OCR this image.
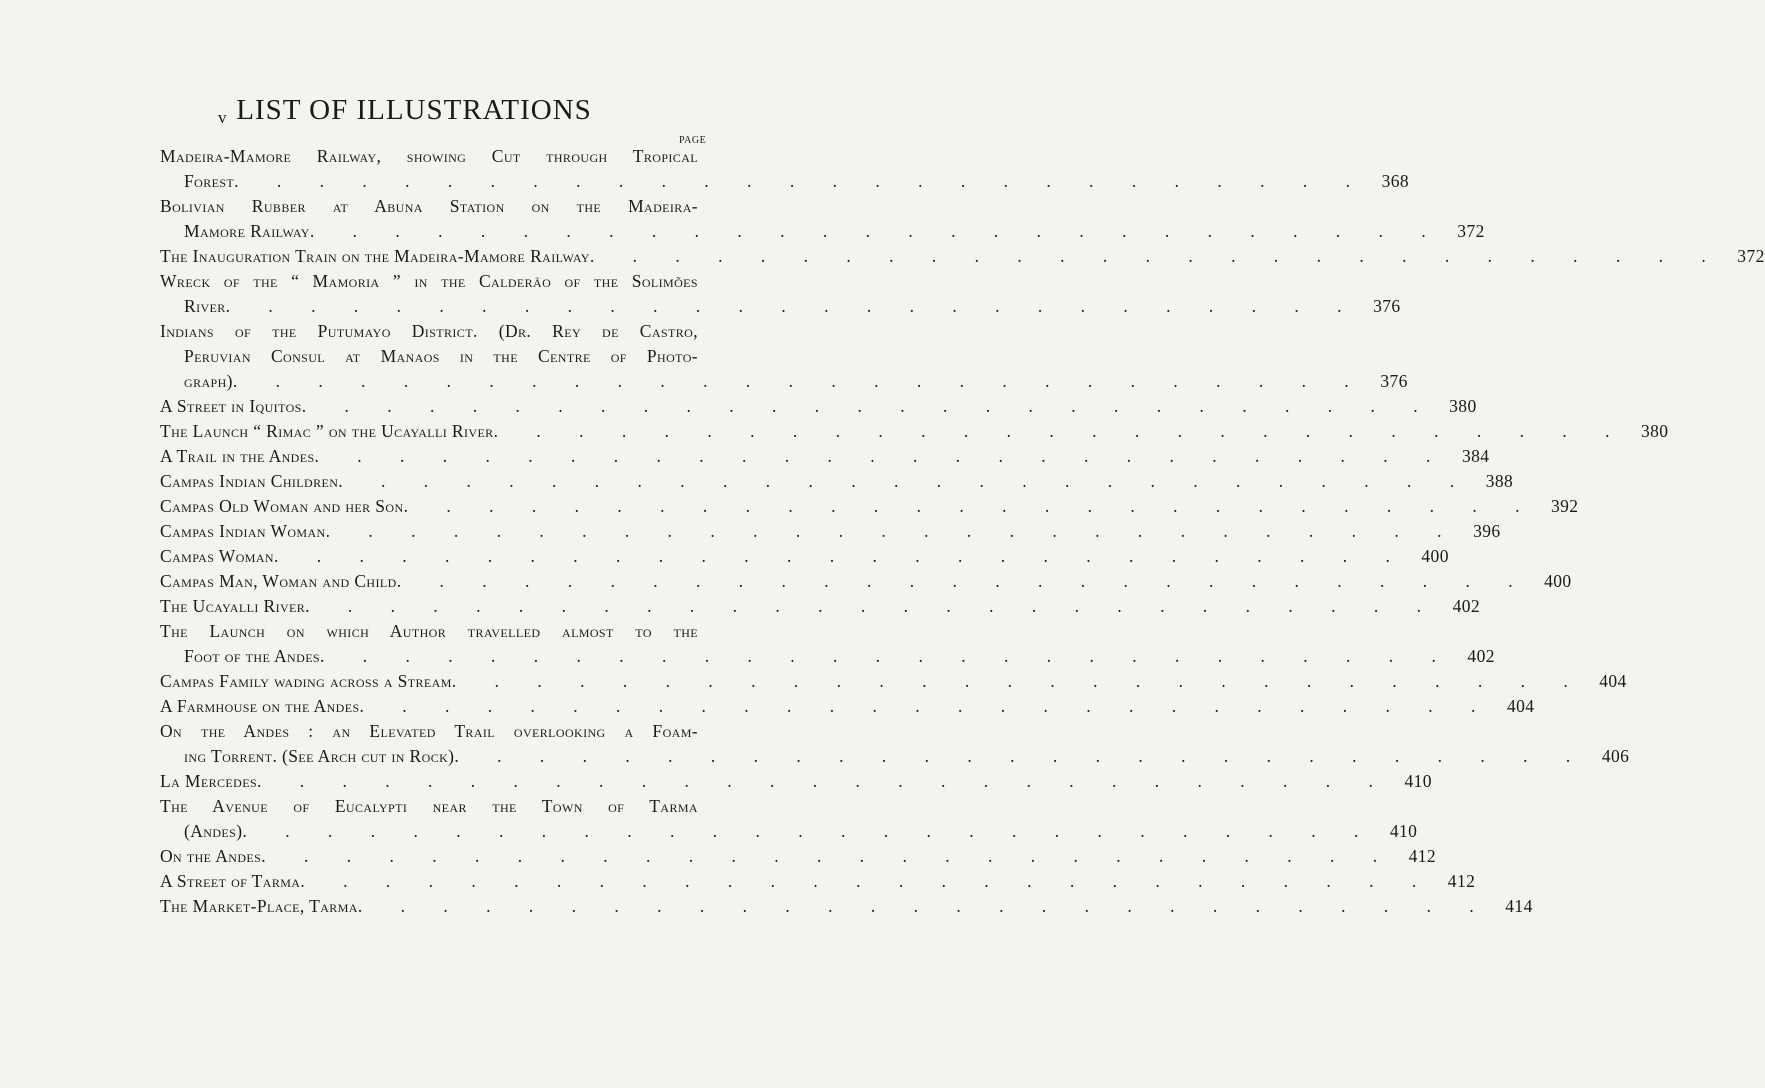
v LIST OF ILLUSTRATIONS
PAGE
Madeira-Mamore Railway, showing Cut through Tropical
Forest . . . . . . . . . . . . . . . . . . . . . . . . . . . 368
Bolivian Rubber at Abuna Station on the Madeira-
Mamore Railway . . . . . . . . . . . . . . . . . . . . . . . . . . . 372
The Inauguration Train on the Madeira-Mamore Railway . . . . . . . . . . . . . . . . . . . . . . . . . . . 372
Wreck of the “ Mamoria ” in the Calderão of the Solimões
River . . . . . . . . . . . . . . . . . . . . . . . . . . . 376
Indians of the Putumayo District. (Dr. Rey de Castro,
Peruvian Consul at Manaos in the Centre of Photo-
graph) . . . . . . . . . . . . . . . . . . . . . . . . . . . 376
A Street in Iquitos . . . . . . . . . . . . . . . . . . . . . . . . . . . 380
The Launch “ Rimac ” on the Ucayalli River . . . . . . . . . . . . . . . . . . . . . . . . . . . 380
A Trail in the Andes . . . . . . . . . . . . . . . . . . . . . . . . . . . 384
Campas Indian Children . . . . . . . . . . . . . . . . . . . . . . . . . . . 388
Campas Old Woman and her Son . . . . . . . . . . . . . . . . . . . . . . . . . . . 392
Campas Indian Woman . . . . . . . . . . . . . . . . . . . . . . . . . . . 396
Campas Woman . . . . . . . . . . . . . . . . . . . . . . . . . . . 400
Campas Man, Woman and Child . . . . . . . . . . . . . . . . . . . . . . . . . . . 400
The Ucayalli River . . . . . . . . . . . . . . . . . . . . . . . . . . . 402
The Launch on which Author travelled almost to the
Foot of the Andes . . . . . . . . . . . . . . . . . . . . . . . . . . . 402
Campas Family wading across a Stream . . . . . . . . . . . . . . . . . . . . . . . . . . . 404
A Farmhouse on the Andes . . . . . . . . . . . . . . . . . . . . . . . . . . . 404
On the Andes : an Elevated Trail overlooking a Foam-
ing Torrent. (See Arch cut in Rock) . . . . . . . . . . . . . . . . . . . . . . . . . . . 406
La Mercedes . . . . . . . . . . . . . . . . . . . . . . . . . . . 410
The Avenue of Eucalypti near the Town of Tarma
(Andes) . . . . . . . . . . . . . . . . . . . . . . . . . . . 410
On the Andes . . . . . . . . . . . . . . . . . . . . . . . . . . . 412
A Street of Tarma . . . . . . . . . . . . . . . . . . . . . . . . . . . 412
The Market-Place, Tarma . . . . . . . . . . . . . . . . . . . . . . . . . . . 414
